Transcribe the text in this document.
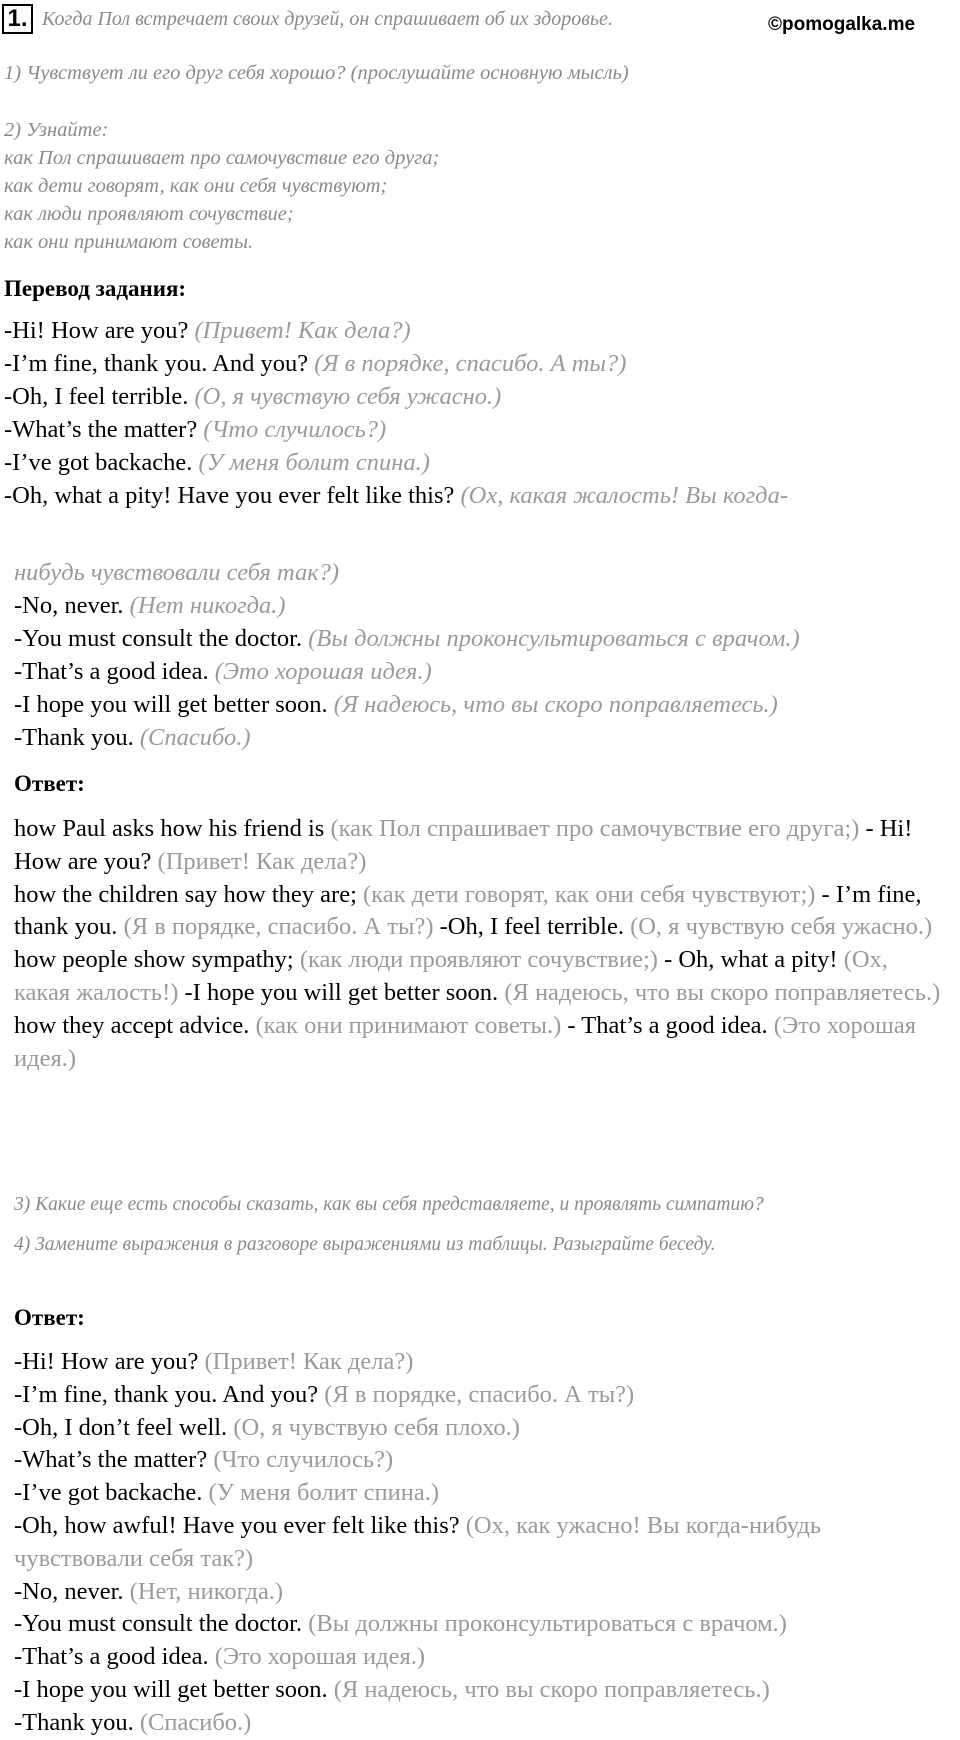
1. Когда Пол встречает своих друзей, он спрашивает об их здоровье.	©pomogalka.me
1) Чувствует ли его друг себя хорошо? (прослушайте основную мысль)
2) Узнайте:
как Пол спрашивает про самочувствие его друга;
как дети говорят, как они себя чувствуют;
как люди проявляют сочувствие;
как они принимают советы.
Перевод задания:
-Hi! How are you? (Привет! Как дела?)
-I’m fine, thank you. And you? (Я в порядке, спасибо. А ты?)
-Oh, I feel terrible. (О, я чувствую себя ужасно.)
-What’s the matter? (Что случилось?)
-I’ve got backache. (У меня болит спина.)
-Oh, what a pity! Have you ever felt like this? (Ох, какая жалость! Вы когда-
нибудь чувствовали себя так?)
-No, never. (Нет никогда.)
-You must consult the doctor. (Вы должны проконсультироваться с врачом.)
-That’s a good idea. (Это хорошая идея.)
-I hope you will get better soon. (Я надеюсь, что вы скоро поправляетесь.)
-Thank you. (Спасибо.)
Ответ:

how Paul asks how his friend is (как Пол спрашивает про самочувствие его друга;) - Hi! How are you? (Привет! Как дела?)

how the children say how they are; (как дети говорят, как они себя чувствуют;) - I’m fine, thank you. (Я в порядке, спасибо. А ты?) -Oh, I feel terrible. (О, я чувствую себя ужасно.)

how people show sympathy; (как люди проявляют сочувствие;) - Oh, what a pity! (Ох, какая жалость!) -I hope you will get better soon. (Я надеюсь, что вы скоро поправляетесь.)

how they accept advice. (как они принимают советы.) - That’s a good idea. (Это хорошая идея.)

3) Какие еще есть способы сказать, как вы себя представляете, и проявлять симпатию?
4) Замените выражения в разговоре выражениями из таблицы. Разыграйте беседу.
Ответ:

-Hi! How are you? (Привет! Как дела?)

-I’m fine, thank you. And you? (Я в порядке, спасибо. А ты?)

-Oh, I don’t feel well. (О, я чувствую себя плохо.)

-What’s the matter? (Что случилось?)

-I’ve got backache. (У меня болит спина.)

-Oh, how awful! Have you ever felt like this? (Ох, как ужасно! Вы когда-нибудь чувствовали себя так?)

-No, never. (Нет, никогда.)

-You must consult the doctor. (Вы должны проконсультироваться с врачом.)

-That’s a good idea. (Это хорошая идея.)

-I hope you will get better soon. (Я надеюсь, что вы скоро поправляетесь.)

-Thank you. (Спасибо.)
